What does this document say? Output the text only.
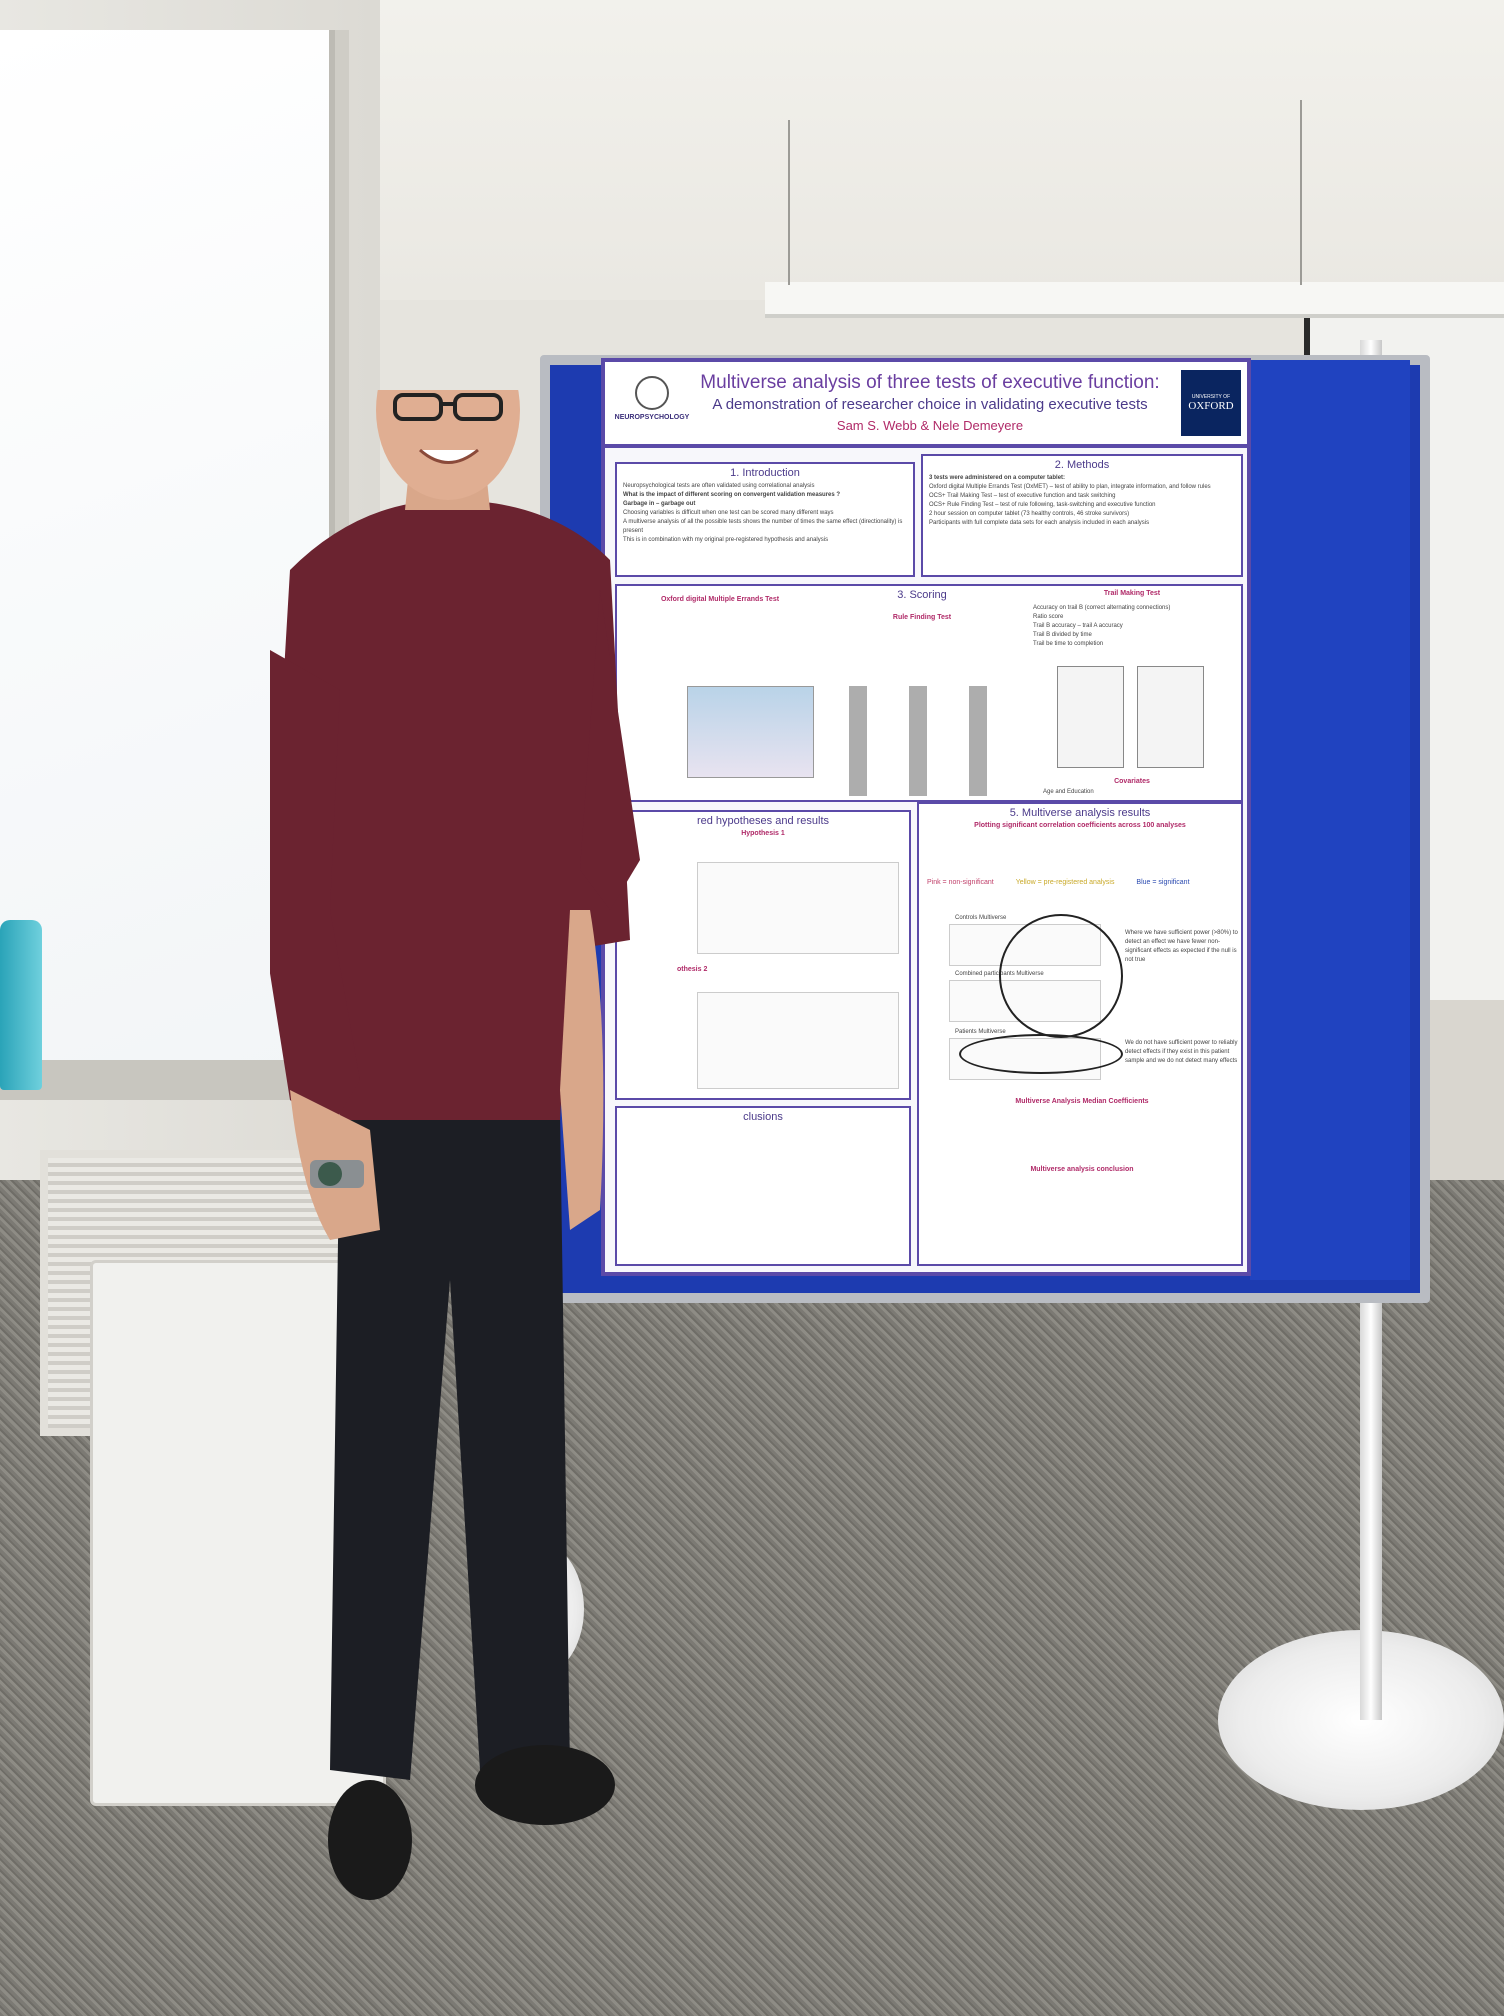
NEUROPSYCHOLOGY
Multiverse analysis of three tests of executive function:
A demonstration of researcher choice in validating executive tests
Sam S. Webb & Nele Demeyere
UNIVERSITY OF
OXFORD
1. Introduction
Neuropsychological tests are often validated using correlational analysis
What is the impact of different scoring on convergent validation measures ?
Garbage in – garbage out
Choosing variables is difficult when one test can be scored many different ways
A multiverse analysis of all the possible tests shows the number of times the same effect (directionality) is present
This is in combination with my original pre-registered hypothesis and analysis
2. Methods
3 tests were administered on a computer tablet:
Oxford digital Multiple Errands Test (OxMET) – test of ability to plan, integrate information, and follow rules
OCS+ Trail Making Test – test of executive function and task switching
OCS+ Rule Finding Test – test of rule following, task-switching and executive function
2 hour session on computer tablet (73 healthy controls, 46 stroke survivors)
Participants with full complete data sets for each analysis included in each analysis
Oxford digital Multiple Errands Test	3. Scoring
Rule Finding Test
Trail Making Test
Accuracy on trail B (correct alternating connections)
Ratio score
Trail B accuracy – trail A accuracy
Trail B divided by time
Trail be time to completion
Covariates
Age and Education
red hypotheses and results
Hypothesis 1
othesis 2
clusions
5. Multiverse analysis results
Plotting significant correlation coefficients across 100 analyses
Pink = non-significant	Yellow = pre-registered analysis	Blue = significant
Controls Multiverse
Combined participants Multiverse
Patients Multiverse
Where we have sufficient power (>80%) to detect an effect we have fewer non-significant effects as expected if the null is not true
We do not have sufficient power to reliably detect effects if they exist in this patient sample and we do not detect many effects
Multiverse Analysis Median Coefficients
Multiverse analysis conclusion
